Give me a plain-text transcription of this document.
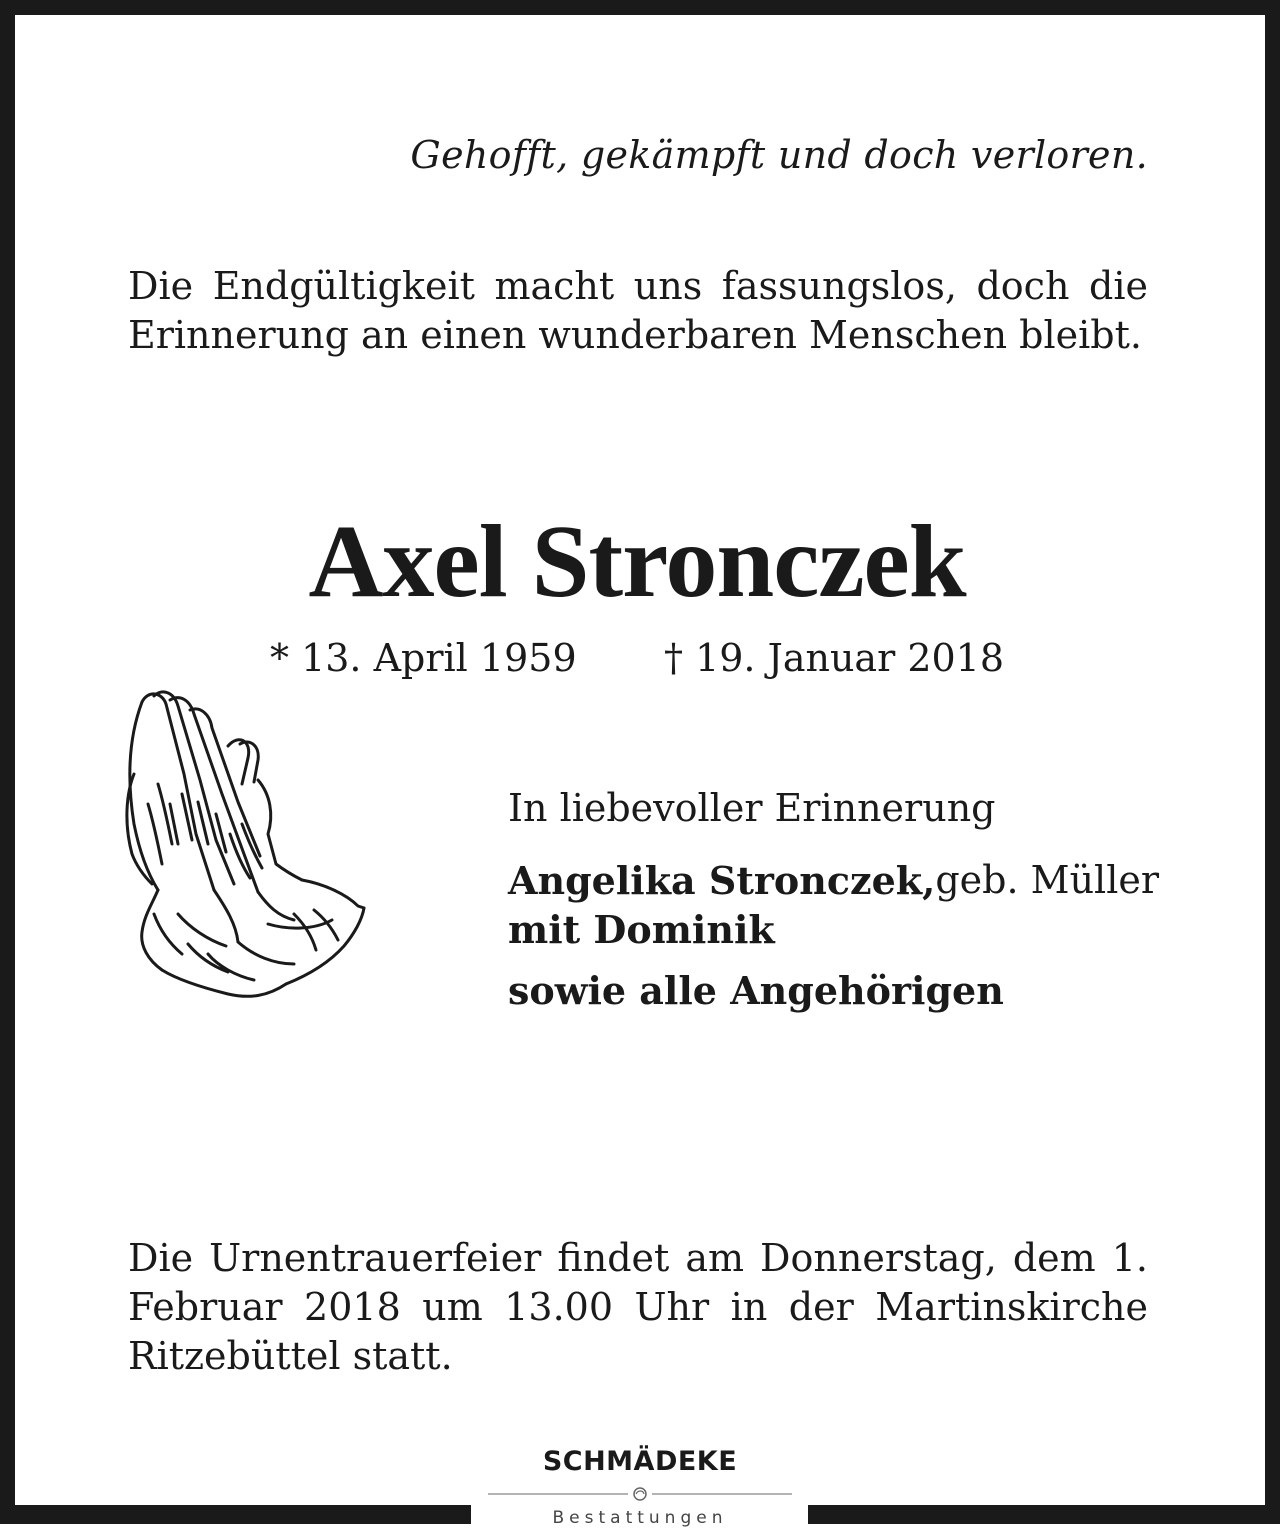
Gehofft, gekämpft und doch verloren.

Die Endgültigkeit macht uns fassungslos, doch die Erinnerung an einen wunderbaren Menschen bleibt.

Axel Stronczek
* 13. April 1959 † 19. Januar 2018
In liebevoller Erinnerung
Angelika Stronczek, geb. Müller
mit Dominik
sowie alle Angehörigen

Die Urnentrauerfeier findet am Donnerstag, dem 1. Februar 2018 um 13.00 Uhr in der Martinskirche Ritzebüttel statt.

SCHMÄDEKE
Bestattungen
